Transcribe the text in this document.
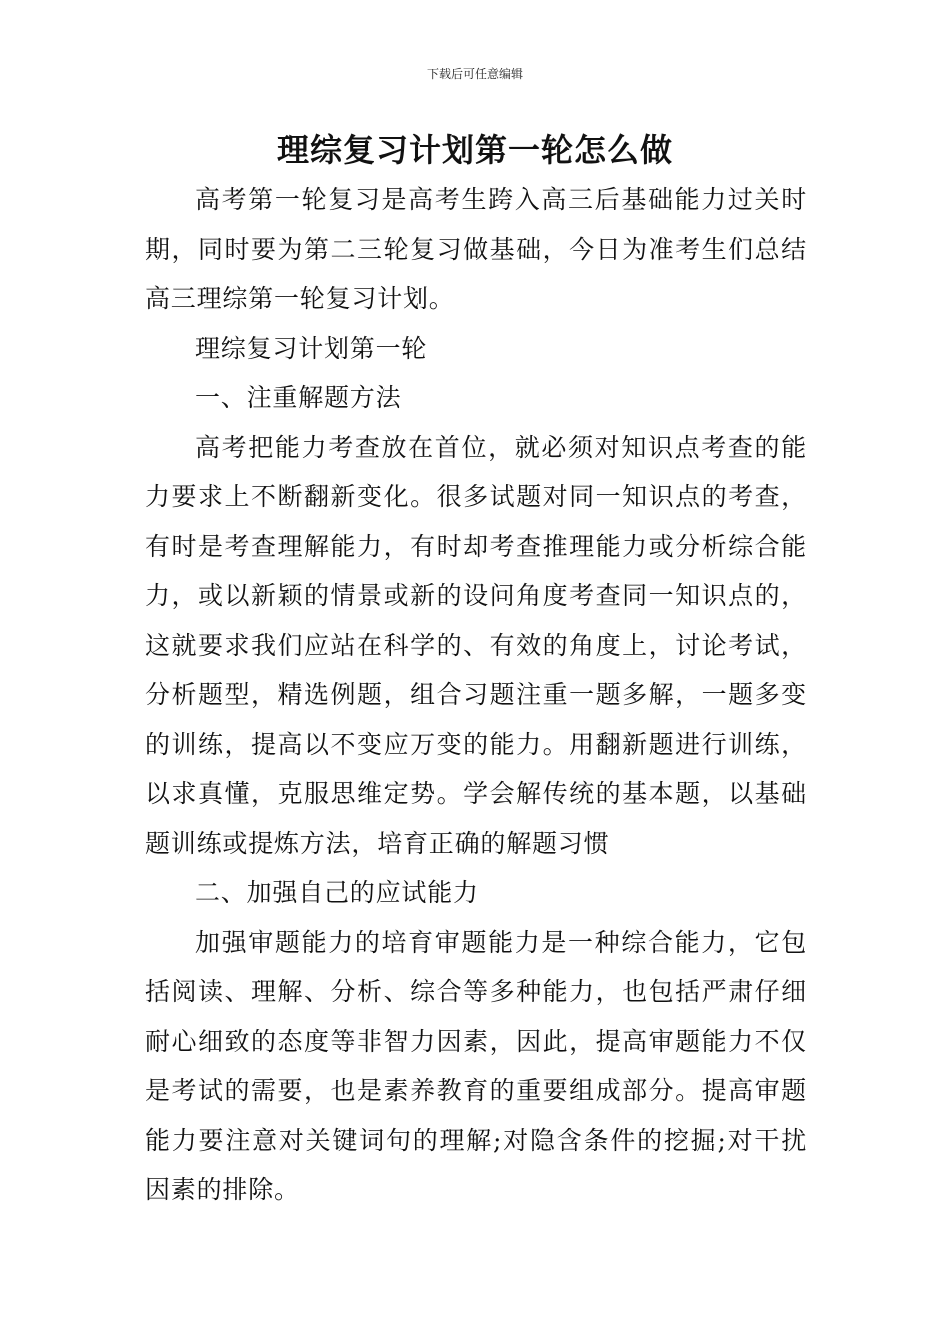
下载后可任意编辑
理综复习计划第一轮怎么做

高考第一轮复习是高考生跨入高三后基础能力过关时期，同时要为第二三轮复习做基础，今日为准考生们总结高三理综第一轮复习计划。

理综复习计划第一轮

一、注重解题方法

高考把能力考查放在首位，就必须对知识点考查的能力要求上不断翻新变化。很多试题对同一知识点的考查，有时是考查理解能力，有时却考查推理能力或分析综合能力，或以新颖的情景或新的设问角度考查同一知识点的，这就要求我们应站在科学的、有效的角度上，讨论考试，分析题型，精选例题，组合习题注重一题多解，一题多变的训练，提高以不变应万变的能力。用翻新题进行训练，以求真懂，克服思维定势。学会解传统的基本题，以基础题训练或提炼方法，培育正确的解题习惯

二、加强自己的应试能力

加强审题能力的培育审题能力是一种综合能力，它包括阅读、理解、分析、综合等多种能力，也包括严肃仔细耐心细致的态度等非智力因素，因此，提高审题能力不仅是考试的需要，也是素养教育的重要组成部分。提高审题能力要注意对关键词句的理解;对隐含条件的挖掘;对干扰因素的排除。
